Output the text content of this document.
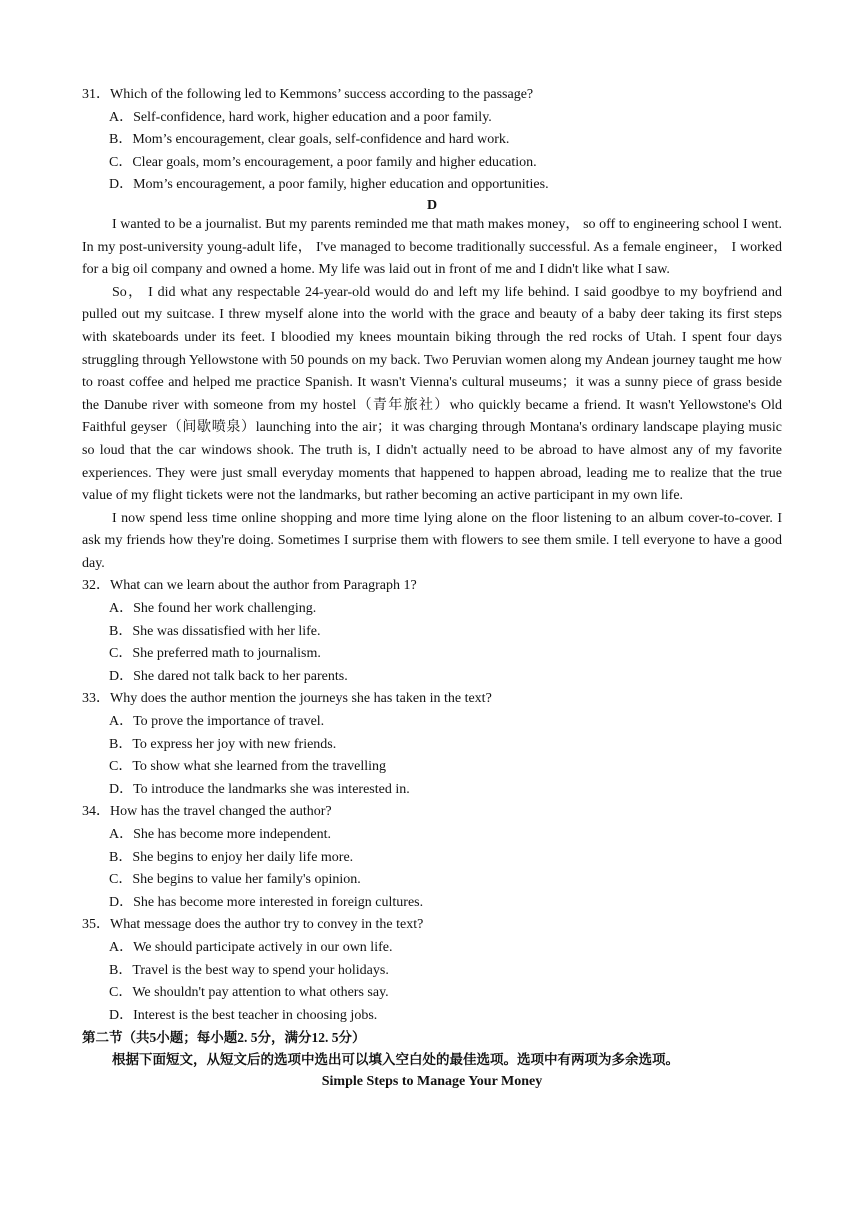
31．Which of the following led to Kemmons’ success according to the passage?
A．Self-confidence, hard work, higher education and a poor family.
B．Mom’s encouragement, clear goals, self-confidence and hard work.
C．Clear goals, mom’s encouragement, a poor family and higher education.
D．Mom’s encouragement, a poor family, higher education and opportunities.
D

I wanted to be a journalist. But my parents reminded me that math makes money， so off to engineering school I went. In my post-university young-adult life， I've managed to become traditionally successful. As a female engineer， I worked for a big oil company and owned a home. My life was laid out in front of me and I didn't like what I saw.

So， I did what any respectable 24-year-old would do and left my life behind. I said goodbye to my boyfriend and pulled out my suitcase. I threw myself alone into the world with the grace and beauty of a baby deer taking its first steps with skateboards under its feet. I bloodied my knees mountain biking through the red rocks of Utah. I spent four days struggling through Yellowstone with 50 pounds on my back. Two Peruvian women along my Andean journey taught me how to roast coffee and helped me practice Spanish. It wasn't Vienna's cultural museums；it was a sunny piece of grass beside the Danube river with someone from my hostel（青年旅社）who quickly became a friend. It wasn't Yellowstone's Old Faithful geyser（间歇喷泉）launching into the air；it was charging through Montana's ordinary landscape playing music so loud that the car windows shook. The truth is, I didn't actually need to be abroad to have almost any of my favorite experiences. They were just small everyday moments that happened to happen abroad, leading me to realize that the true value of my flight tickets were not the landmarks, but rather becoming an active participant in my own life.

I now spend less time online shopping and more time lying alone on the floor listening to an album cover-to-cover. I ask my friends how they're doing. Sometimes I surprise them with flowers to see them smile. I tell everyone to have a good day.

32．What can we learn about the author from Paragraph 1?
A．She found her work challenging.
B．She was dissatisfied with her life.
C．She preferred math to journalism.
D．She dared not talk back to her parents.
33．Why does the author mention the journeys she has taken in the text?
A．To prove the importance of travel.
B．To express her joy with new friends.
C．To show what she learned from the travelling
D．To introduce the landmarks she was interested in.
34．How has the travel changed the author?
A．She has become more independent.
B．She begins to enjoy her daily life more.
C．She begins to value her family's opinion.
D．She has become more interested in foreign cultures.
35．What message does the author try to convey in the text?
A．We should participate actively in our own life.
B．Travel is the best way to spend your holidays.
C．We shouldn't pay attention to what others say.
D．Interest is the best teacher in choosing jobs.
第二节（共5小题；每小题2. 5分，满分12. 5分）
根据下面短文，从短文后的选项中选出可以填入空白处的最佳选项。选项中有两项为多余选项。
Simple Steps to Manage Your Money
